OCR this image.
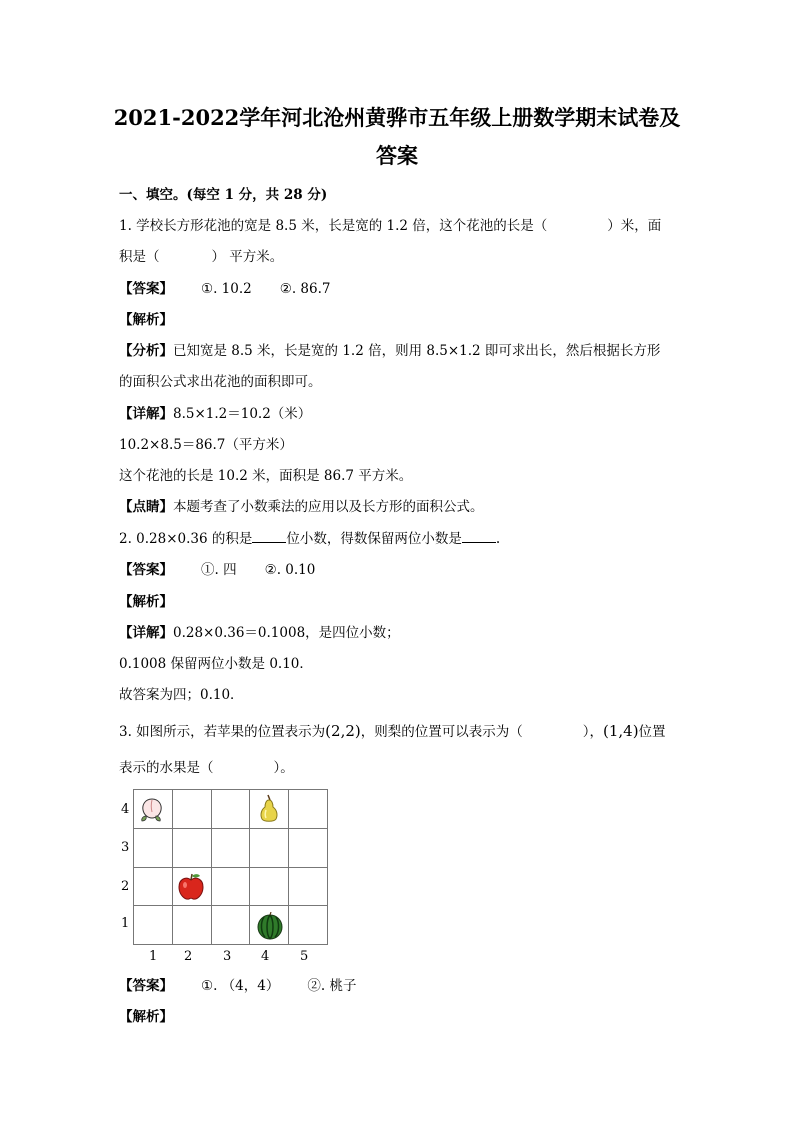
2021-2022学年河北沧州黄骅市五年级上册数学期末试卷及
答案
一、填空。(每空 1 分，共 28 分)
1. 学校长方形花池的宽是 8.5 米，长是宽的 1.2 倍，这个花池的长是（	）米，面
积是（	） 平方米。
【答案】 ①. 10.2 ②. 86.7
【解析】
【分析】已知宽是 8.5 米，长是宽的 1.2 倍，则用 8.5×1.2 即可求出长，然后根据长方形
的面积公式求出花池的面积即可。
【详解】8.5×1.2＝10.2（米）
10.2×8.5＝86.7（平方米）
这个花池的长是 10.2 米，面积是 86.7 平方米。
【点睛】本题考查了小数乘法的应用以及长方形的面积公式。
2. 0.28×0.36 的积是	位小数，得数保留两位小数是	.
【答案】 ①. 四 ②. 0.10
【解析】
【详解】0.28×0.36＝0.1008，是四位小数；
0.1008 保留两位小数是 0.10．
故答案为四；0.10．
3. 如图所示，若苹果的位置表示为(2,2)，则梨的位置可以表示为（	），(1,4)位置
表示的水果是（	）。
4
3
2
1
1 2 3 4 5
【答案】 ①. （4，4） ②. 桃子
【解析】
